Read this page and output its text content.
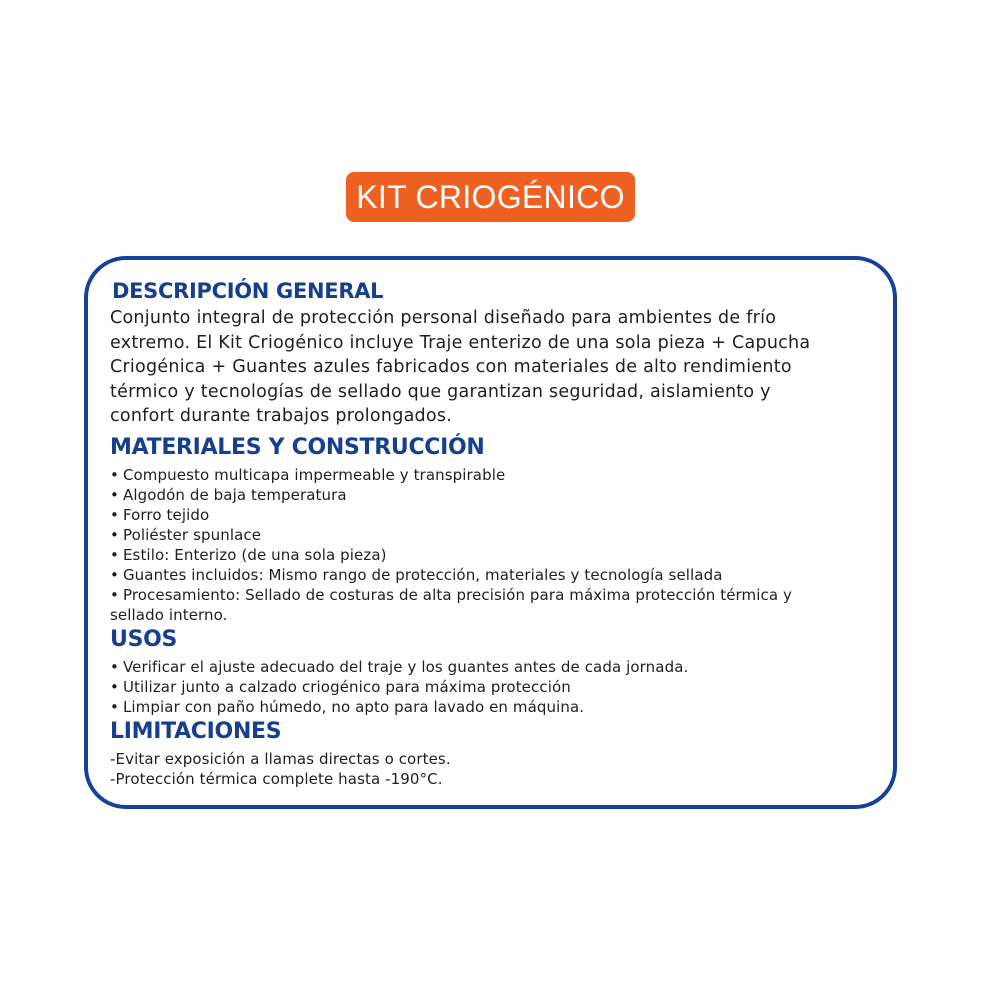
KIT CRIOGÉNICO
DESCRIPCIÓN GENERAL
Conjunto integral de protección personal diseñado para ambientes de frío
extremo. El Kit Criogénico incluye Traje enterizo de una sola pieza + Capucha
Criogénica + Guantes azules fabricados con materiales de alto rendimiento
térmico y tecnologías de sellado que garantizan seguridad, aislamiento y
confort durante trabajos prolongados.
MATERIALES Y CONSTRUCCIÓN
• Compuesto multicapa impermeable y transpirable
• Algodón de baja temperatura
• Forro tejido
• Poliéster spunlace
• Estilo: Enterizo (de una sola pieza)
• Guantes incluidos: Mismo rango de protección, materiales y tecnología sellada
• Procesamiento: Sellado de costuras de alta precisión para máxima protección térmica y
sellado interno.
USOS
• Verificar el ajuste adecuado del traje y los guantes antes de cada jornada.
• Utilizar junto a calzado criogénico para máxima protección
• Limpiar con paño húmedo, no apto para lavado en máquina.
LIMITACIONES
-Evitar exposición a llamas directas o cortes.
-Protección térmica complete hasta -190°C.
